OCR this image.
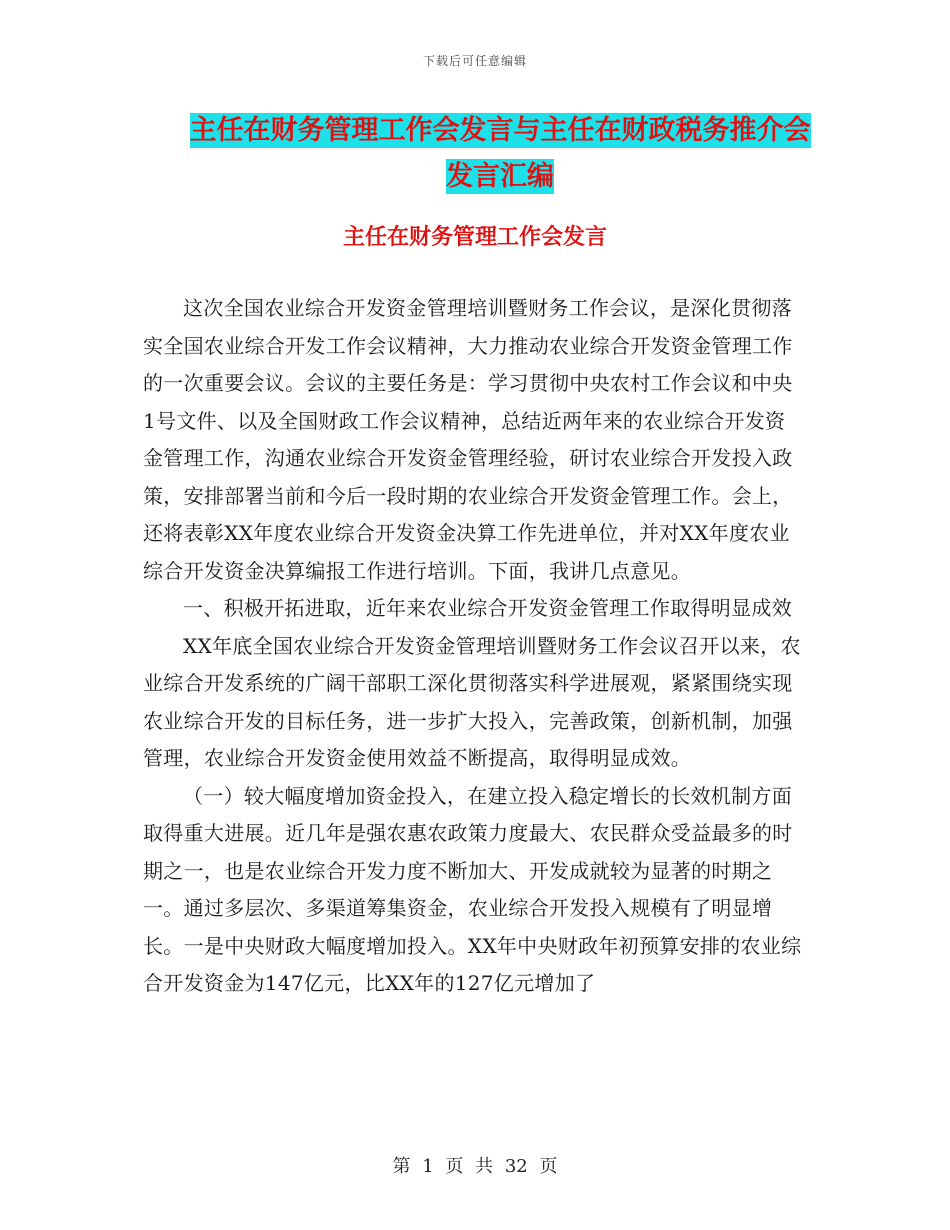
下载后可任意编辑
主任在财务管理工作会发言与主任在财政税务推介会
发言汇编
主任在财务管理工作会发言

这次全国农业综合开发资金管理培训暨财务工作会议，是深化贯彻落实全国农业综合开发工作会议精神，大力推动农业综合开发资金管理工作的一次重要会议。会议的主要任务是：学习贯彻中央农村工作会议和中央1号文件、以及全国财政工作会议精神，总结近两年来的农业综合开发资金管理工作，沟通农业综合开发资金管理经验，研讨农业综合开发投入政策，安排部署当前和今后一段时期的农业综合开发资金管理工作。会上，还将表彰XX年度农业综合开发资金决算工作先进单位，并对XX年度农业综合开发资金决算编报工作进行培训。下面，我讲几点意见。

一、积极开拓进取，近年来农业综合开发资金管理工作取得明显成效

XX年底全国农业综合开发资金管理培训暨财务工作会议召开以来，农业综合开发系统的广阔干部职工深化贯彻落实科学进展观，紧紧围绕实现农业综合开发的目标任务，进一步扩大投入，完善政策，创新机制，加强管理，农业综合开发资金使用效益不断提高，取得明显成效。

（一）较大幅度增加资金投入，在建立投入稳定增长的长效机制方面取得重大进展。近几年是强农惠农政策力度最大、农民群众受益最多的时期之一，也是农业综合开发力度不断加大、开发成就较为显著的时期之一。通过多层次、多渠道筹集资金，农业综合开发投入规模有了明显增长。一是中央财政大幅度增加投入。XX年中央财政年初预算安排的农业综合开发资金为147亿元，比XX年的127亿元增加了

第 1 页 共 32 页
